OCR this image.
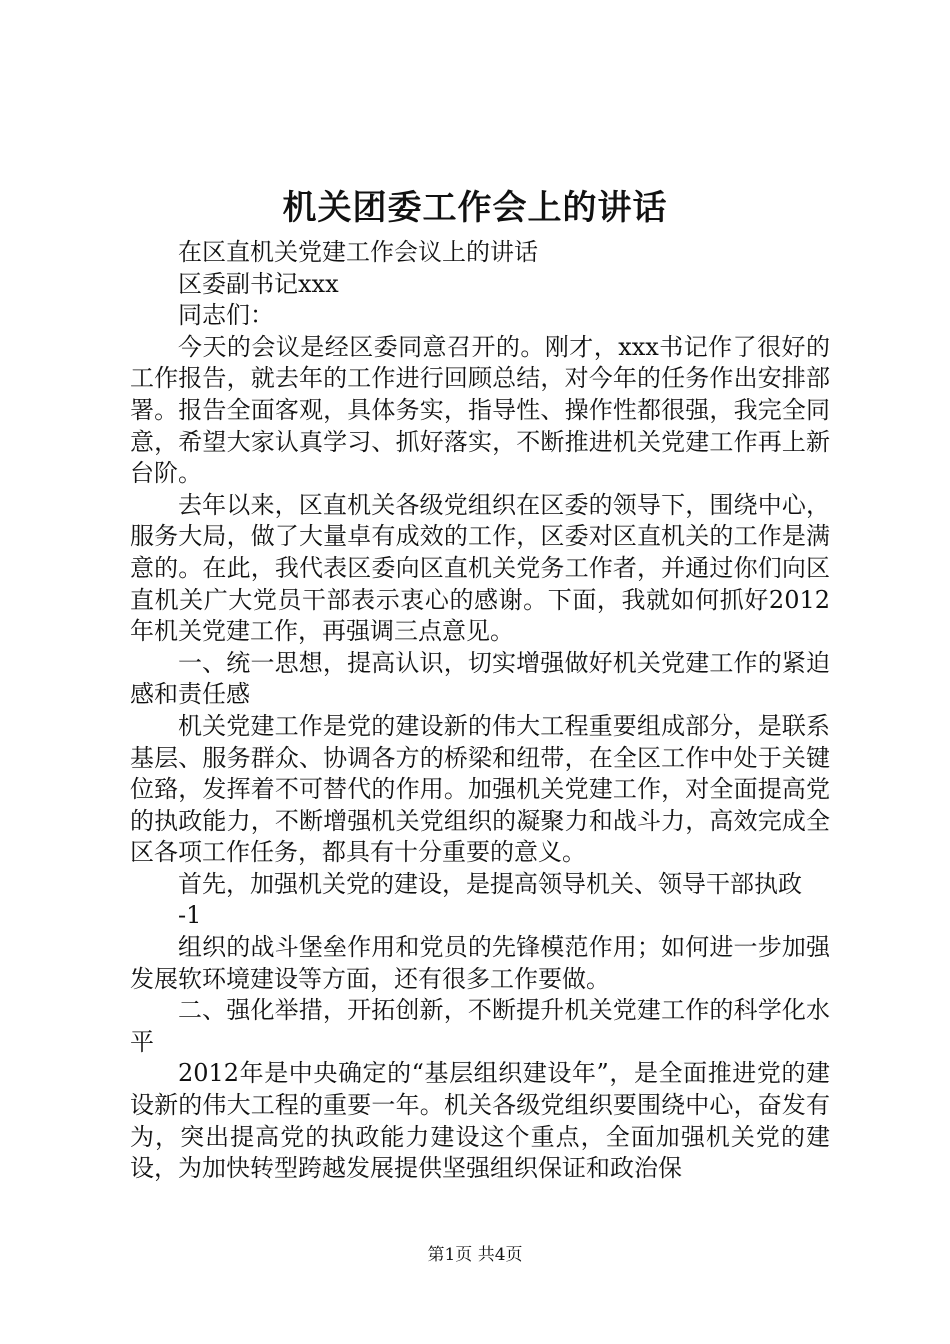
机关团委工作会上的讲话

在区直机关党建工作会议上的讲话

区委副书记xxx

同志们：

今天的会议是经区委同意召开的。刚才，xxx书记作了很好的工作报告，就去年的工作进行回顾总结，对今年的任务作出安排部署。报告全面客观，具体务实，指导性、操作性都很强，我完全同意，希望大家认真学习、抓好落实，不断推进机关党建工作再上新台阶。

去年以来，区直机关各级党组织在区委的领导下，围绕中心，服务大局，做了大量卓有成效的工作，区委对区直机关的工作是满意的。在此，我代表区委向区直机关党务工作者，并通过你们向区直机关广大党员干部表示衷心的感谢。下面，我就如何抓好2012年机关党建工作，再强调三点意见。

一、统一思想，提高认识，切实增强做好机关党建工作的紧迫感和责任感

机关党建工作是党的建设新的伟大工程重要组成部分，是联系基层、服务群众、协调各方的桥梁和纽带，在全区工作中处于关键位臵，发挥着不可替代的作用。加强机关党建工作，对全面提高党的执政能力，不断增强机关党组织的凝聚力和战斗力，高效完成全区各项工作任务，都具有十分重要的意义。

首先，加强机关党的建设，是提高领导机关、领导干部执政

-1

组织的战斗堡垒作用和党员的先锋模范作用；如何进一步加强发展软环境建设等方面，还有很多工作要做。

二、强化举措，开拓创新，不断提升机关党建工作的科学化水平

2012年是中央确定的“基层组织建设年”，是全面推进党的建设新的伟大工程的重要一年。机关各级党组织要围绕中心，奋发有为，突出提高党的执政能力建设这个重点，全面加强机关党的建设，为加快转型跨越发展提供坚强组织保证和政治保

第1页 共4页
